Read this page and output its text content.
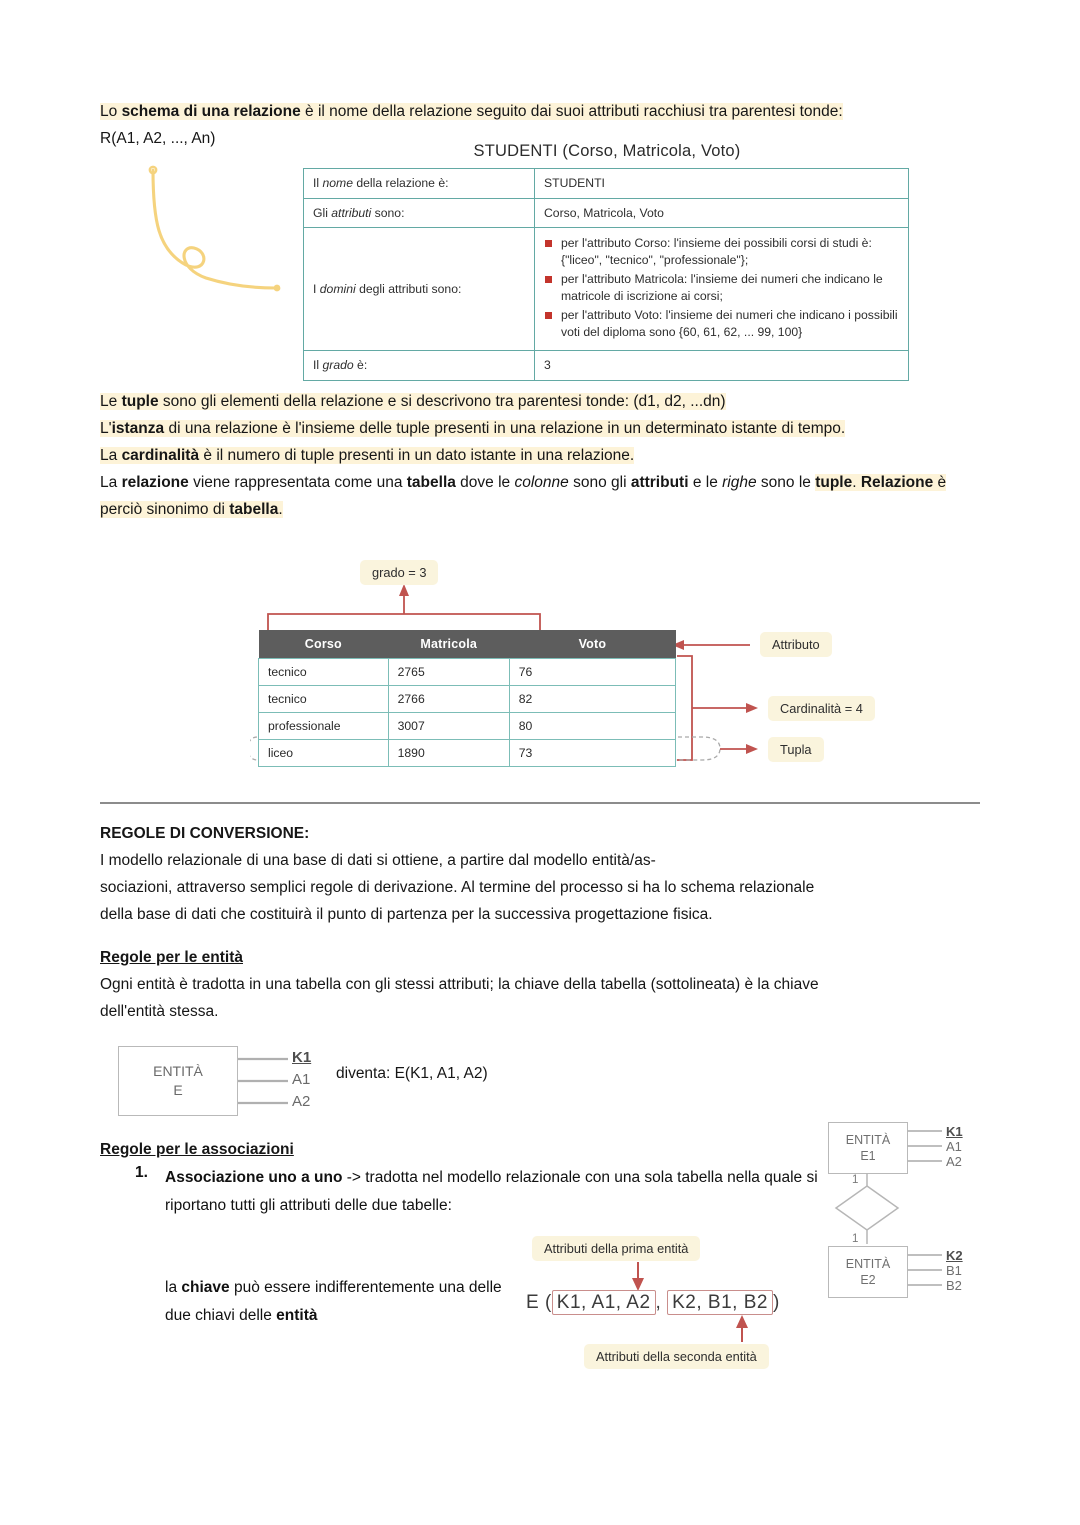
Lo schema di una relazione è il nome della relazione seguito dai suoi attributi racchiusi tra parentesi tonde:
R(A1, A2, ..., An)
STUDENTI (Corso, Matricola, Voto)
Il nome della relazione è:	STUDENTI
Gli attributi sono:	Corso, Matricola, Voto
I domini degli attributi sono:	
per l'attributo Corso: l'insieme dei possibili corsi di studi è: {"liceo", "tecnico", "professionale"};
per l'attributo Matricola: l'insieme dei numeri che indicano le matricole di iscrizione ai corsi;
per l'attributo Voto: l'insieme dei numeri che indicano i possibili voti del diploma sono {60, 61, 62, ... 99, 100}

Il grado è:	3
Le tuple sono gli elementi della relazione e si descrivono tra parentesi tonde: (d1, d2, ...dn)
L'istanza di una relazione è l'insieme delle tuple presenti in una relazione in un determinato istante di tempo.
La cardinalità è il numero di tuple presenti in un dato istante in una relazione.
La relazione viene rappresentata come una tabella dove le colonne sono gli attributi e le righe sono le tuple. Relazione è perciò sinonimo di tabella.
Corso	Matricola	Voto
tecnico	2765	76
tecnico	2766	82
professionale	3007	80
liceo	1890	73
grado = 3
Attributo
Cardinalità = 4
Tupla
REGOLE DI CONVERSIONE:
I modello relazionale di una base di dati si ottiene, a partire dal modello entità/as-
sociazioni, attraverso semplici regole di derivazione. Al termine del processo si ha lo schema relazionale
della base di dati che costituirà il punto di partenza per la successiva progettazione fisica.
Regole per le entità
Ogni entità è tradotta in una tabella con gli stessi attributi; la chiave della tabella (sottolineata) è la chiave
dell'entità stessa.
ENTITÀ
E
K1
A1
A2
diventa: E(K1, A1, A2)
Regole per le associazioni
1. Associazione uno a uno -> tradotta nel modello relazionale con una sola tabella nella quale si riportano tutti gli attributi delle due tabelle:
la chiave può essere indifferentemente una delle due chiavi delle entità
ENTITÀ
E1
K1
A1
A2
1
1
ENTITÀ
E2
K2
B1
B2
Attributi della prima entità
Attributi della seconda entità
E ( K1, A1, A2 , K2, B1, B2 )
